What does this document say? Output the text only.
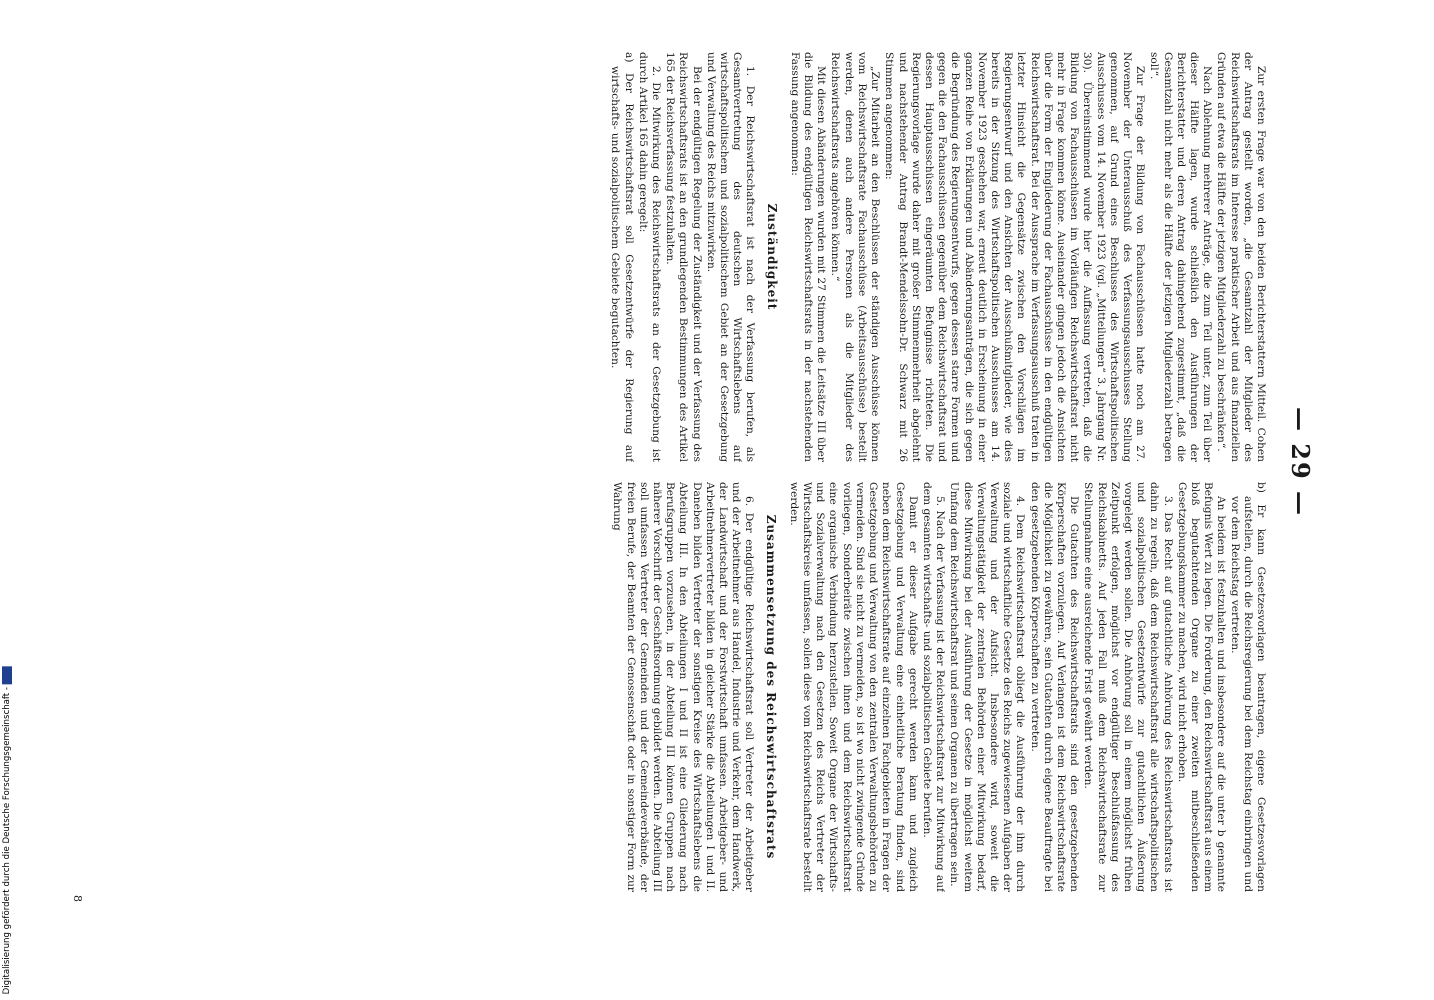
— 29 —

Zur ersten Frage war von den beiden Berichterstattern Mitteil. Cohen der Antrag gestellt worden, „die Gesamtzahl der Mitglieder des Reichswirtschaftsrats im Interesse praktischer Arbeit und aus finanziellen Gründen auf etwa die Hälfte der jetzigen Mitgliederzahl zu beschränken“.

Nach Ablehnung mehrerer Anträge, die zum Teil unter, zum Teil über dieser Hälfte lagen, wurde schließlich den Ausführungen der Berichterstatter und deren Antrag dahingehend zugestimmt, „daß die Gesamtzahl nicht mehr als die Hälfte der jetzigen Mitgliederzahl betragen soll“.

Zur Frage der Bildung von Fachausschüssen hatte noch am 27. November der Unterausschuß des Verfassungsausschusses Stellung genommen, auf Grund eines Beschlusses des Wirtschaftspolitischen Ausschusses vom 14. November 1923 (vgl. „Mitteilungen“ 3. Jahrgang Nr. 30). Übereinstimmend wurde hier die Auffassung vertreten, daß die Bildung von Fachausschüssen im Vorläufigen Reichswirtschaftsrat nicht mehr in Frage kommen könne. Auseinander gingen jedoch die Ansichten über die Form der Eingliederung der Fachausschüsse in den endgültigen Reichswirtschaftsrat. Bei der Aussprache im Verfassungsausschuß traten in letzter Hinsicht die Gegensätze zwischen den Vorschlägen im Regierungsentwurf und den Ansichten der Ausschußmitglieder, wie dies bereits in der Sitzung des Wirtschaftspolitischen Ausschusses am 14. November 1923 geschehen war, erneut deutlich in Erscheinung in einer ganzen Reihe von Erklärungen und Abänderungsanträgen, die sich gegen die Begründung des Regierungsentwurfs, gegen dessen starre Formen und gegen die den Fachausschüssen gegenüber dem Reichswirtschaftsrat und dessen Hauptausschüssen eingeräumten Befugnisse richteten. Die Regierungsvorlage wurde daher mit großer Stimmenmehrheit abgelehnt und nachstehender Antrag Brandt-Mendelssohn-Dr. Schwarz mit 26 Stimmen angenommen:

„Zur Mitarbeit an den Beschlüssen der ständigen Ausschüsse können vom Reichswirtschaftsrate Fachausschüsse (Arbeitsausschüsse) bestellt werden, denen auch andere Personen als die Mitglieder des Reichswirtschaftsrats angehören können.“

Mit diesen Abänderungen wurden mit 27 Stimmen die Leitsätze III über die Bildung des endgültigen Reichswirtschaftsrats in der nachstehenden Fassung angenommen:

Zuständigkeit

1. Der Reichswirtschaftsrat ist nach der Verfassung berufen, als Gesamtvertretung des deutschen Wirtschaftslebens auf wirtschaftspolitischem und sozialpolitischem Gebiet an der Gesetzgebung und Verwaltung des Reichs mitzuwirken.

Bei der endgültigen Regelung der Zuständigkeit und der Verfassung des Reichswirtschaftsrats ist an den grundlegenden Bestimmungen des Artikel 165 der Reichsverfassung festzuhalten.

2. Die Mitwirkung des Reichswirtschaftsrats an der Gesetzgebung ist durch Artikel 165 dahin geregelt:

a) Der Reichswirtschaftsrat soll Gesetzentwürfe der Regierung auf wirtschafts- und sozialpolitischem Gebiete begutachten.

b) Er kann Gesetzesvorlagen beantragen, eigene Gesetzesvorlagen aufstellen, durch die Reichsregierung bei dem Reichstag einbringen und vor dem Reichstag vertreten.

An beidem ist festzuhalten und insbesondere auf die unter b genannte Befugnis Wert zu legen. Die Forderung, den Reichswirtschaftsrat aus einem bloß begutachtenden Organe zu einer zweiten mitbeschließenden Gesetzgebungskammer zu machen, wird nicht erhoben.

3. Das Recht auf gutachtliche Anhörung des Reichswirtschaftsrats ist dahin zu regeln, daß dem Reichswirtschaftsrat alle wirtschaftspolitischen und sozialpolitischen Gesetzentwürfe zur gutachtlichen Äußerung vorgelegt werden sollen. Die Anhörung soll in einem möglichst frühen Zeitpunkt erfolgen, möglichst vor endgültiger Beschlußfassung des Reichskabinetts. Auf jeden Fall muß dem Reichswirtschaftsrate zur Stellungnahme eine ausreichende Frist gewährt werden.

Die Gutachten des Reichswirtschaftsrats sind den gesetzgebenden Körperschaften vorzulegen. Auf Verlangen ist dem Reichswirtschaftsrate die Möglichkeit zu gewähren, sein Gutachten durch eigene Beauftragte bei den gesetzgebenden Körperschaften zu vertreten.

4. Dem Reichswirtschaftsrat obliegt die Ausführung der ihm durch soziale und wirtschaftliche Gesetze des Reichs zugewiesenen Aufgaben der Verwaltung und der Aufsicht. Insbesondere wird, soweit die Verwaltungstätigkeit der zentralen Behörden einer Mitwirkung bedarf, diese Mitwirkung bei der Ausführung der Gesetze in möglichst weitem Umfang dem Reichswirtschaftsrat und seinen Organen zu übertragen sein.

5. Nach der Verfassung ist der Reichswirtschaftsrat zur Mitwirkung auf dem gesamten wirtschafts- und sozialpolitischen Gebiete berufen.

Damit er dieser Aufgabe gerecht werden kann und zugleich Gesetzgebung und Verwaltung eine einheitliche Beratung finden, sind neben dem Reichswirtschaftsrate auf einzelnen Fachgebieten in Fragen der Gesetzgebung und Verwaltung von den zentralen Verwaltungsbehörden zu vermeiden. Sind sie nicht zu vermeiden, so ist wo nicht zwingende Gründe vorliegen, Sonderbeiräte zwischen ihnen und dem Reichswirtschaftsrat eine organische Verbindung herzustellen. Soweit Organe der Wirtschafts- und Sozialverwaltung nach den Gesetzen des Reichs Vertreter der Wirtschaftskreise umfassen, sollen diese vom Reichswirtschaftsrate bestellt werden.

Zusammensetzung des Reichswirtschaftsrats

6. Der endgültige Reichswirtschaftsrat soll Vertreter der Arbeitgeber und der Arbeitnehmer aus Handel, Industrie und Verkehr, dem Handwerk, der Landwirtschaft und der Forstwirtschaft umfassen. Arbeitgeber- und Arbeitnehmervertreter bilden in gleicher Stärke die Abteilungen I und II. Daneben bilden Vertreter der sonstigen Kreise des Wirtschaftslebens die Abteilung III. In den Abteilungen I und II ist eine Gliederung nach Berufsgruppen vorzusehen, in der Abteilung III können Gruppen nach näherer Vorschrift der Geschäftsordnung gebildet werden. Die Abteilung III soll umfassen Vertreter der Gemeinden und der Gemeindeverbände, der freien Berufe, der Beamten der Genossenschaft oder in sonstiger Form zur Wahrung

8
Digitalisierung gefördert durch die Deutsche Forschungsgemeinschaft -
